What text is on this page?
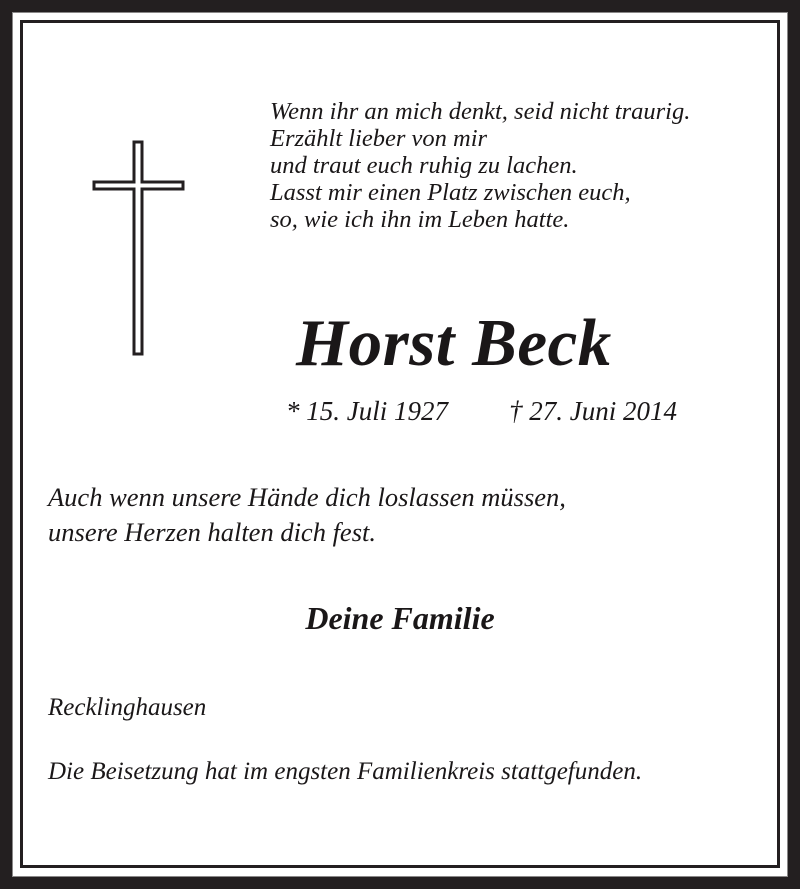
Wenn ihr an mich denkt, seid nicht traurig.
Erzählt lieber von mir
und traut euch ruhig zu lachen.
Lasst mir einen Platz zwischen euch,
so, wie ich ihn im Leben hatte.
Horst Beck
* 15. Juli 1927 † 27. Juni 2014
Auch wenn unsere Hände dich loslassen müssen,
unsere Herzen halten dich fest.
Deine Familie
Recklinghausen
Die Beisetzung hat im engsten Familienkreis stattgefunden.
